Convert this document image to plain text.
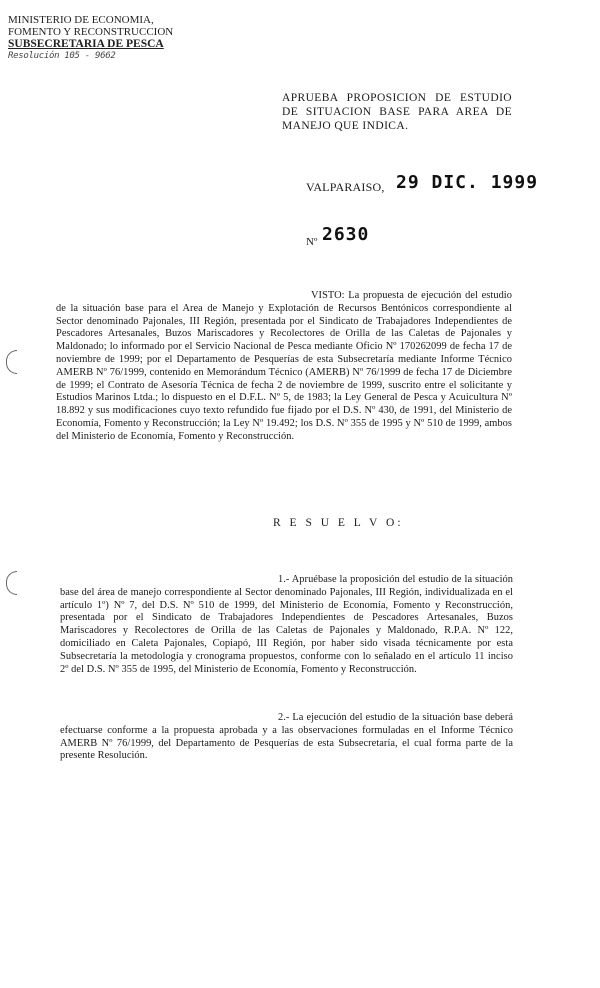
MINISTERIO DE ECONOMIA,
FOMENTO Y RECONSTRUCCION
SUBSECRETARIA DE PESCA
Resolución 105 - 9662
APRUEBA PROPOSICION DE ESTUDIO DE SITUACION BASE PARA AREA DE MANEJO QUE INDICA.
VALPARAISO, 29 DIC. 1999
Nº 2630
VISTO: La propuesta de ejecución del estudio de la situación base para el Area de Manejo y Explotación de Recursos Bentónicos correspondiente al Sector denominado Pajonales, III Región, presentada por el Sindicato de Trabajadores Independientes de Pescadores Artesanales, Buzos Mariscadores y Recolectores de Orilla de las Caletas de Pajonales y Maldonado; lo informado por el Servicio Nacional de Pesca mediante Oficio Nº 170262099 de fecha 17 de noviembre de 1999; por el Departamento de Pesquerías de esta Subsecretaría mediante Informe Técnico AMERB Nº 76/1999, contenido en Memorándum Técnico (AMERB) Nº 76/1999 de fecha 17 de Diciembre de 1999; el Contrato de Asesoría Técnica de fecha 2 de noviembre de 1999, suscrito entre el solicitante y Estudios Marinos Ltda.; lo dispuesto en el D.F.L. Nº 5, de 1983; la Ley General de Pesca y Acuicultura Nº 18.892 y sus modificaciones cuyo texto refundido fue fijado por el D.S. Nº 430, de 1991, del Ministerio de Economía, Fomento y Reconstrucción; la Ley Nº 19.492; los D.S. Nº 355 de 1995 y Nº 510 de 1999, ambos del Ministerio de Economía, Fomento y Reconstrucción.
R E S U E L V O:
1.- Apruébase la proposición del estudio de la situación base del área de manejo correspondiente al Sector denominado Pajonales, III Región, individualizada en el artículo 1º) Nº 7, del D.S. Nº 510 de 1999, del Ministerio de Economía, Fomento y Reconstrucción, presentada por el Sindicato de Trabajadores Independientes de Pescadores Artesanales, Buzos Mariscadores y Recolectores de Orilla de las Caletas de Pajonales y Maldonado, R.P.A. Nº 122, domiciliado en Caleta Pajonales, Copiapó, III Región, por haber sido visada técnicamente por esta Subsecretaría la metodología y cronograma propuestos, conforme con lo señalado en el artículo 11 inciso 2º del D.S. Nº 355 de 1995, del Ministerio de Economía, Fomento y Reconstrucción.
2.- La ejecución del estudio de la situación base deberá efectuarse conforme a la propuesta aprobada y a las observaciones formuladas en el Informe Técnico AMERB Nº 76/1999, del Departamento de Pesquerías de esta Subsecretaría, el cual forma parte de la presente Resolución.
